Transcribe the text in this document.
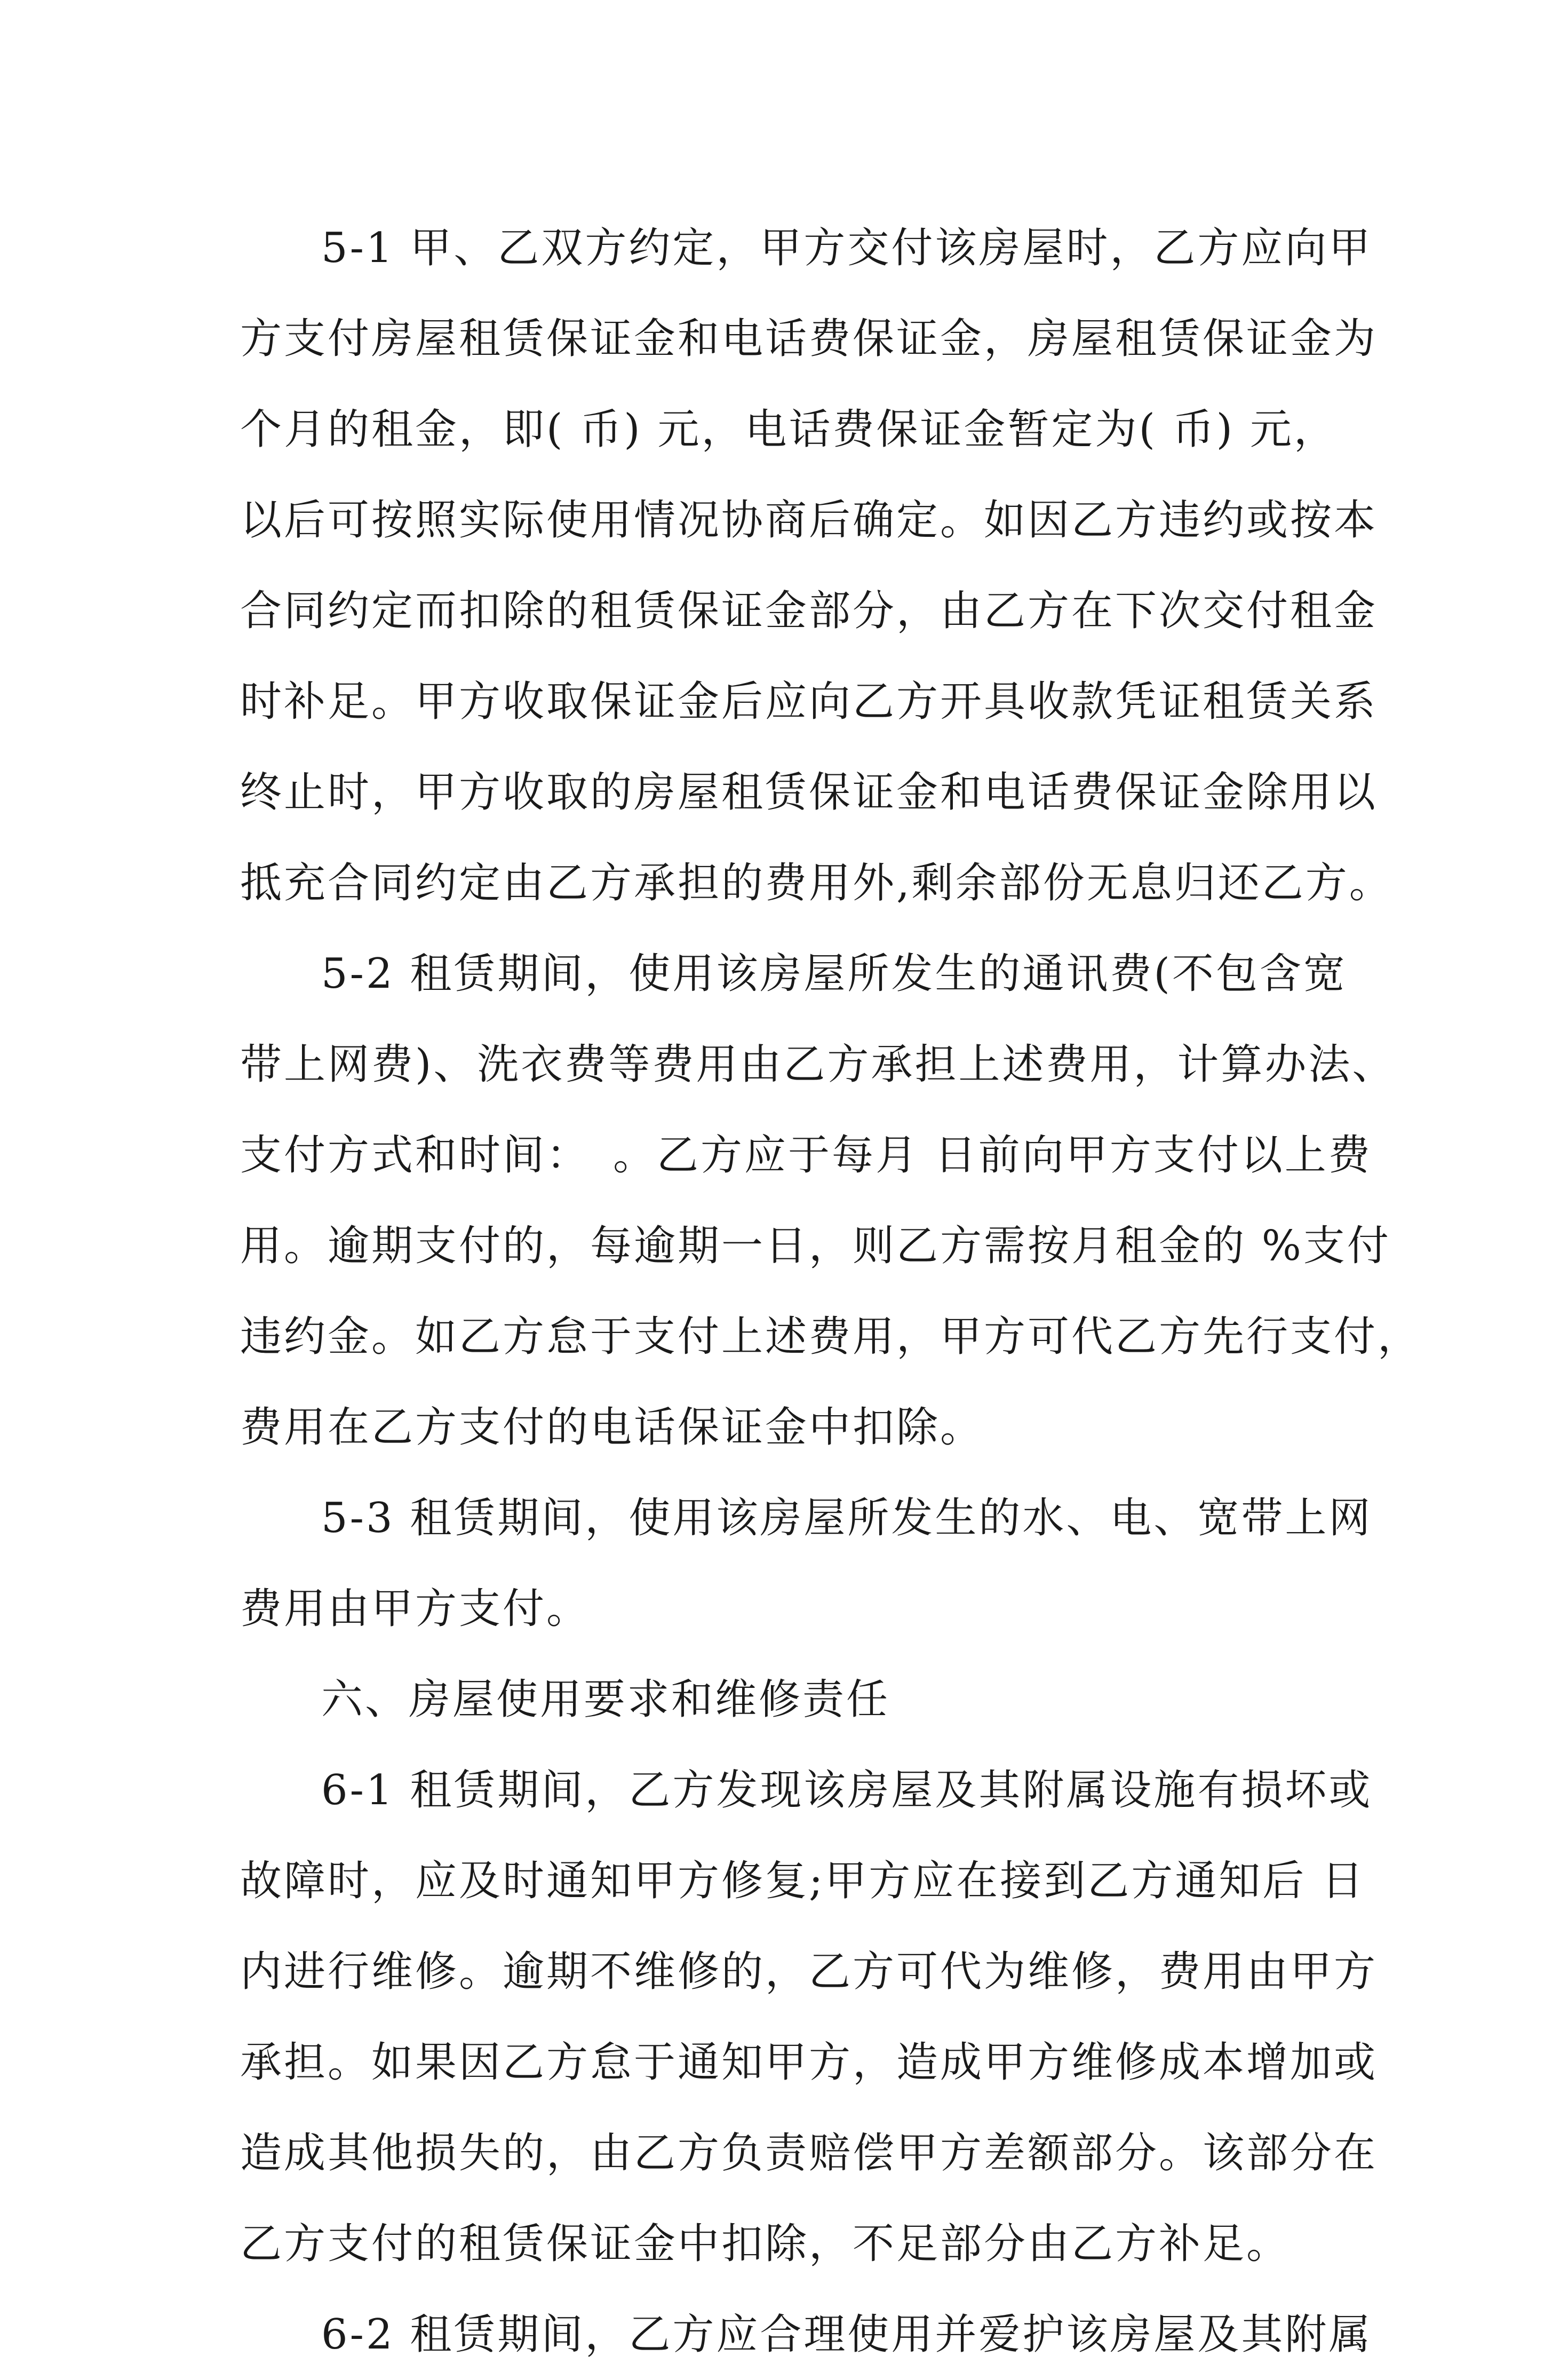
5-1 甲、乙双方约定，甲方交付该房屋时，乙方应向甲
方支付房屋租赁保证金和电话费保证金，房屋租赁保证金为
个月的租金，即( 币) 元，电话费保证金暂定为( 币) 元，
以后可按照实际使用情况协商后确定。如因乙方违约或按本
合同约定而扣除的租赁保证金部分，由乙方在下次交付租金
时补足。甲方收取保证金后应向乙方开具收款凭证租赁关系
终止时，甲方收取的房屋租赁保证金和电话费保证金除用以
抵充合同约定由乙方承担的费用外,剩余部份无息归还乙方。
5-2 租赁期间，使用该房屋所发生的通讯费(不包含宽
带上网费)、洗衣费等费用由乙方承担上述费用，计算办法、
支付方式和时间：　。乙方应于每月 日前向甲方支付以上费
用。逾期支付的，每逾期一日，则乙方需按月租金的 %支付
违约金。如乙方怠于支付上述费用，甲方可代乙方先行支付，
费用在乙方支付的电话保证金中扣除。
5-3 租赁期间，使用该房屋所发生的水、电、宽带上网
费用由甲方支付。
六、房屋使用要求和维修责任
6-1 租赁期间，乙方发现该房屋及其附属设施有损坏或
故障时，应及时通知甲方修复;甲方应在接到乙方通知后 日
内进行维修。逾期不维修的，乙方可代为维修，费用由甲方
承担。如果因乙方怠于通知甲方，造成甲方维修成本增加或
造成其他损失的，由乙方负责赔偿甲方差额部分。该部分在
乙方支付的租赁保证金中扣除，不足部分由乙方补足。
6-2 租赁期间，乙方应合理使用并爱护该房屋及其附属
